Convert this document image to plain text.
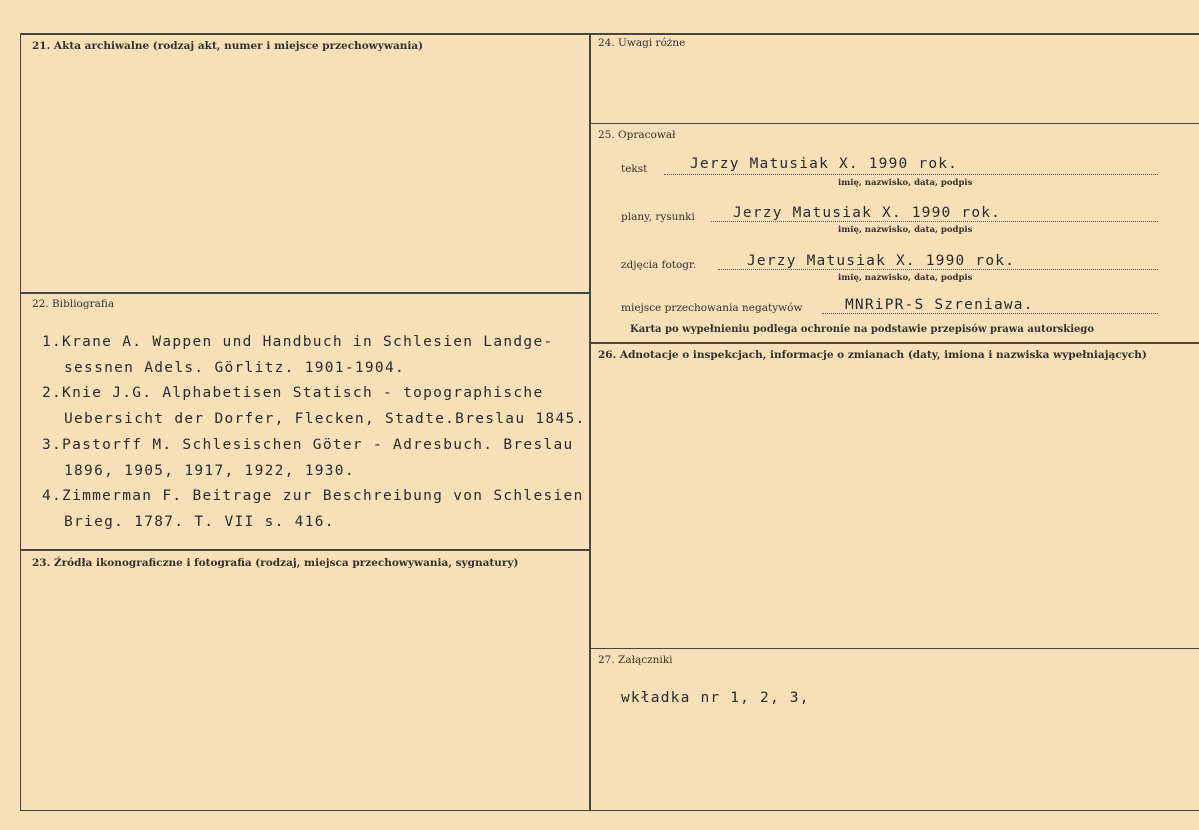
21. Akta archiwalne (rodzaj akt, numer i miejsce przechowywania)
22. Bibliografia
1.Krane A. Wappen und Handbuch in Schlesien Landge-
sessnen Adels. Görlitz. 1901-1904.
2.Knie J.G. Alphabetisen Statisch - topographische
Uebersicht der Dorfer, Flecken, Stadte.Breslau 1845.
3.Pastorff M. Schlesischen Göter - Adresbuch. Breslau
1896, 1905, 1917, 1922, 1930.
4.Zimmerman F. Beitrage zur Beschreibung von Schlesien
Brieg. 1787. T. VII s. 416.
23. Źródła ikonograficzne i fotografia (rodzaj, miejsca przechowywania, sygnatury)
24. Uwagi różne
25. Opracował
tekst	Jerzy Matusiak X. 1990 rok.
imię, nazwisko, data, podpis
plany, rysunki	Jerzy Matusiak X. 1990 rok.
imię, nazwisko, data, podpis
zdjęcia fotogr.	Jerzy Matusiak X. 1990 rok.
imię, nazwisko, data, podpis
miejsce przechowania negatywów	MNRiPR-S Szreniawa.
Karta po wypełnieniu podlega ochronie na podstawie przepisów prawa autorskiego
26. Adnotacje o inspekcjach, informacje o zmianach (daty, imiona i nazwiska wypełniających)
27. Załączniki
wkładka nr 1, 2, 3,
